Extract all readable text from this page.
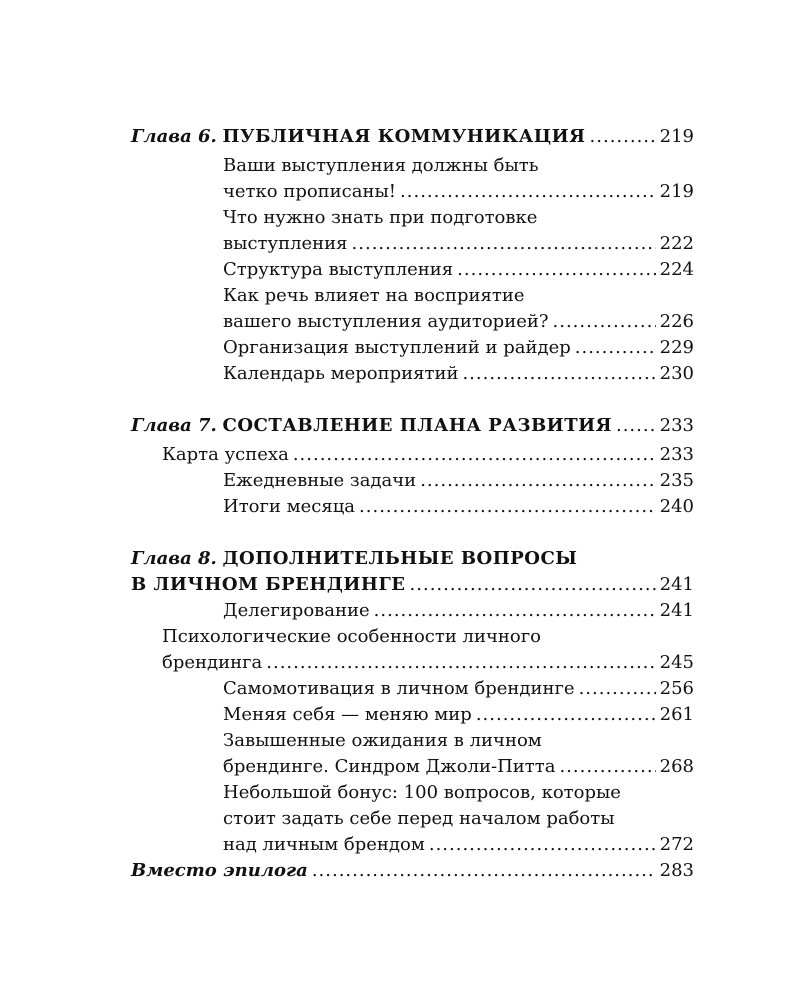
Глава 6.
ПУБЛИЧНАЯ КОММУНИКАЦИЯ .....	219
Ваши выступления должны быть
четко прописаны! .....	219
Что нужно знать при подготовке
выступления .....	222
Структура выступления .....	224
Как речь влияет на восприятие
вашего выступления аудиторией? .....	226
Организация выступлений и райдер .....	229
Календарь мероприятий .....	230
Глава 7.
СОСТАВЛЕНИЕ ПЛАНА РАЗВИТИЯ .....	233
Карта успеха .....	233
Ежедневные задачи .....	235
Итоги месяца .....	240
Глава 8. ДОПОЛНИТЕЛЬНЫЕ ВОПРОСЫ
В ЛИЧНОМ БРЕНДИНГЕ .....	241
Делегирование .....	241
Психологические особенности личного
брендинга .....	245
Самомотивация в личном брендинге .....	256
Меняя себя — меняю мир .....	261
Завышенные ожидания в личном
брендинге. Синдром Джоли-Питта .....	268
Небольшой бонус: 100 вопросов, которые
стоит задать себе перед началом работы
над личным брендом .....	272
Вместо эпилога .....	283
